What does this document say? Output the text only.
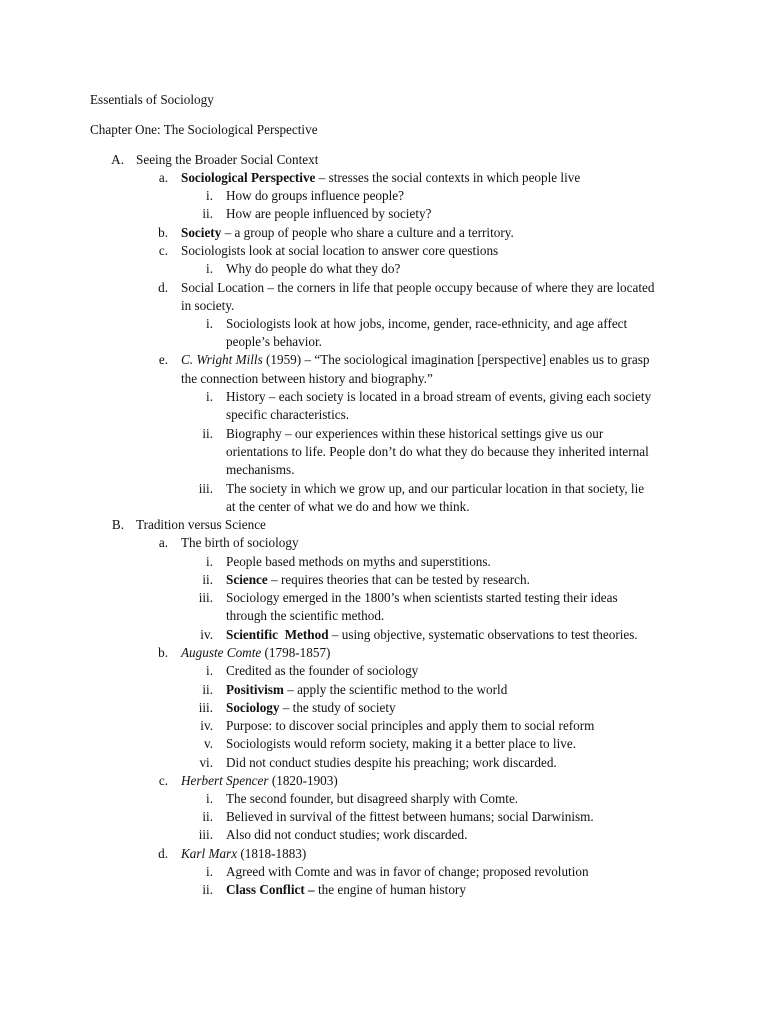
Essentials of Sociology
Chapter One: The Sociological Perspective
A. Seeing the Broader Social Context
a. Sociological Perspective – stresses the social contexts in which people live
i. How do groups influence people?
ii. How are people influenced by society?
b. Society – a group of people who share a culture and a territory.
c. Sociologists look at social location to answer core questions
i. Why do people do what they do?
d. Social Location – the corners in life that people occupy because of where they are located
in society.
i. Sociologists look at how jobs, income, gender, race-ethnicity, and age affect
people’s behavior.
e. C. Wright Mills (1959) – “The sociological imagination [perspective] enables us to grasp
the connection between history and biography.”
i. History – each society is located in a broad stream of events, giving each society
specific characteristics.
ii. Biography – our experiences within these historical settings give us our
orientations to life. People don’t do what they do because they inherited internal
mechanisms.
iii. The society in which we grow up, and our particular location in that society, lie
at the center of what we do and how we think.
B. Tradition versus Science
a. The birth of sociology
i. People based methods on myths and superstitions.
ii. Science – requires theories that can be tested by research.
iii. Sociology emerged in the 1800’s when scientists started testing their ideas
through the scientific method.
iv. Scientific  Method – using objective, systematic observations to test theories.
b. Auguste Comte (1798-1857)
i. Credited as the founder of sociology
ii. Positivism – apply the scientific method to the world
iii. Sociology – the study of society
iv. Purpose: to discover social principles and apply them to social reform
v. Sociologists would reform society, making it a better place to live.
vi. Did not conduct studies despite his preaching; work discarded.
c. Herbert Spencer (1820-1903)
i. The second founder, but disagreed sharply with Comte.
ii. Believed in survival of the fittest between humans; social Darwinism.
iii. Also did not conduct studies; work discarded.
d. Karl Marx (1818-1883)
i. Agreed with Comte and was in favor of change; proposed revolution
ii. Class Conflict – the engine of human history
